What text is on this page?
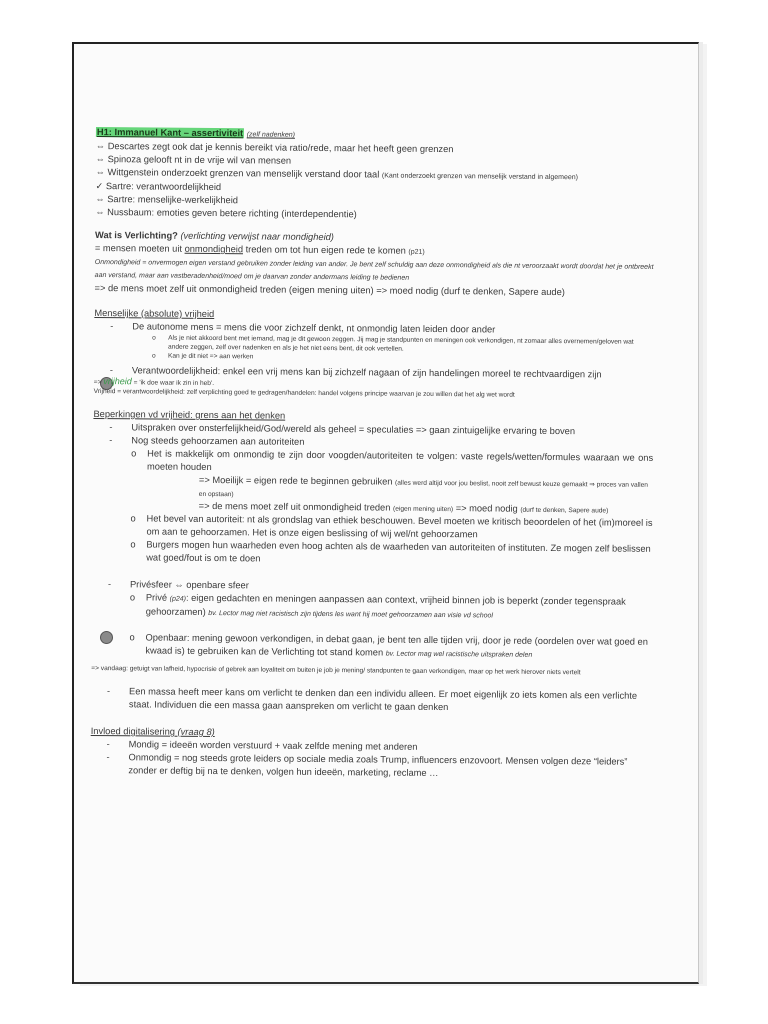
H1: Immanuel Kant – assertiviteit (zelf nadenken)
⇔ Descartes zegt ook dat je kennis bereikt via ratio/rede, maar het heeft geen grenzen
⇔ Spinoza gelooft nt in de vrije wil van mensen
⇔ Wittgenstein onderzoekt grenzen van menselijk verstand door taal (Kant onderzoekt grenzen van menselijk verstand in algemeen)
✓ Sartre: verantwoordelijkheid
⇔ Sartre: menselijke-werkelijkheid
⇔ Nussbaum: emoties geven betere richting (interdependentie)
Wat is Verlichting? (verlichting verwijst naar mondigheid)
= mensen moeten uit onmondigheid treden om tot hun eigen rede te komen (p21)
Onmondigheid = onvermogen eigen verstand gebruiken zonder leiding van ander. Je bent zelf schuldig aan deze onmondigheid als die nt veroorzaakt wordt doordat het je ontbreekt aan verstand, maar aan vastberadenheid/moed om je daarvan zonder andermans leiding te bedienen
=> de mens moet zelf uit onmondigheid treden (eigen mening uiten) => moed nodig (durf te denken, Sapere aude)
Menselijke (absolute) vrijheid
-	De autonome mens = mens die voor zichzelf denkt, nt onmondig laten leiden door ander
o	Als je niet akkoord bent met iemand, mag je dit gewoon zeggen. Jij mag je standpunten en meningen ook verkondigen, nt zomaar alles overnemen/geloven wat andere zeggen, zelf over nadenken en als je het niet eens bent, dit ook vertellen.
o	Kan je dit niet => aan werken
-	Verantwoordelijkheid: enkel een vrij mens kan bij zichzelf nagaan of zijn handelingen moreel te rechtvaardigen zijn
=> vrijheid = 'ik doe waar ik zin in heb'.
Vrijheid = verantwoordelijkheid: zelf verplichting goed te gedragen/handelen: handel volgens principe waarvan je zou willen dat het alg wet wordt
Beperkingen vd vrijheid: grens aan het denken
-	Uitspraken over onsterfelijkheid/God/wereld als geheel = speculaties => gaan zintuigelijke ervaring te boven
-	Nog steeds gehoorzamen aan autoriteiten
o	Het is makkelijk om onmondig te zijn door voogden/autoriteiten te volgen: vaste regels/wetten/formules waaraan we ons moeten houden
=> Moeilijk = eigen rede te beginnen gebruiken (alles werd altijd voor jou beslist, nooit zelf bewust keuze gemaakt ⇒ proces van vallen en opstaan)
=> de mens moet zelf uit onmondigheid treden (eigen mening uiten) => moed nodig (durf te denken, Sapere aude)
o	Het bevel van autoriteit: nt als grondslag van ethiek beschouwen. Bevel moeten we kritisch beoordelen of het (im)moreel is om aan te gehoorzamen. Het is onze eigen beslissing of wij wel/nt gehoorzamen
o	Burgers mogen hun waarheden even hoog achten als de waarheden van autoriteiten of instituten. Ze mogen zelf beslissen wat goed/fout is om te doen
-	Privésfeer ⇔ openbare sfeer
o	Privé (p24): eigen gedachten en meningen aanpassen aan context, vrijheid binnen job is beperkt (zonder tegenspraak gehoorzamen) bv. Lector mag niet racistisch zijn tijdens les want hij moet gehoorzamen aan visie vd school
o	Openbaar: mening gewoon verkondigen, in debat gaan, je bent ten alle tijden vrij, door je rede (oordelen over wat goed en kwaad is) te gebruiken kan de Verlichting tot stand komen bv. Lector mag wel racistische uitspraken delen
=> vandaag: getuigt van lafheid, hypocrisie of gebrek aan loyaliteit om buiten je job je mening/ standpunten te gaan verkondigen, maar op het werk hierover niets vertelt
-	Een massa heeft meer kans om verlicht te denken dan een individu alleen. Er moet eigenlijk zo iets komen als een verlichte staat. Individuen die een massa gaan aanspreken om verlicht te gaan denken
Invloed digitalisering (vraag 8)
-	Mondig = ideeën worden verstuurd + vaak zelfde mening met anderen
-	Onmondig = nog steeds grote leiders op sociale media zoals Trump, influencers enzovoort. Mensen volgen deze “leiders” zonder er deftig bij na te denken, volgen hun ideeën, marketing, reclame …
